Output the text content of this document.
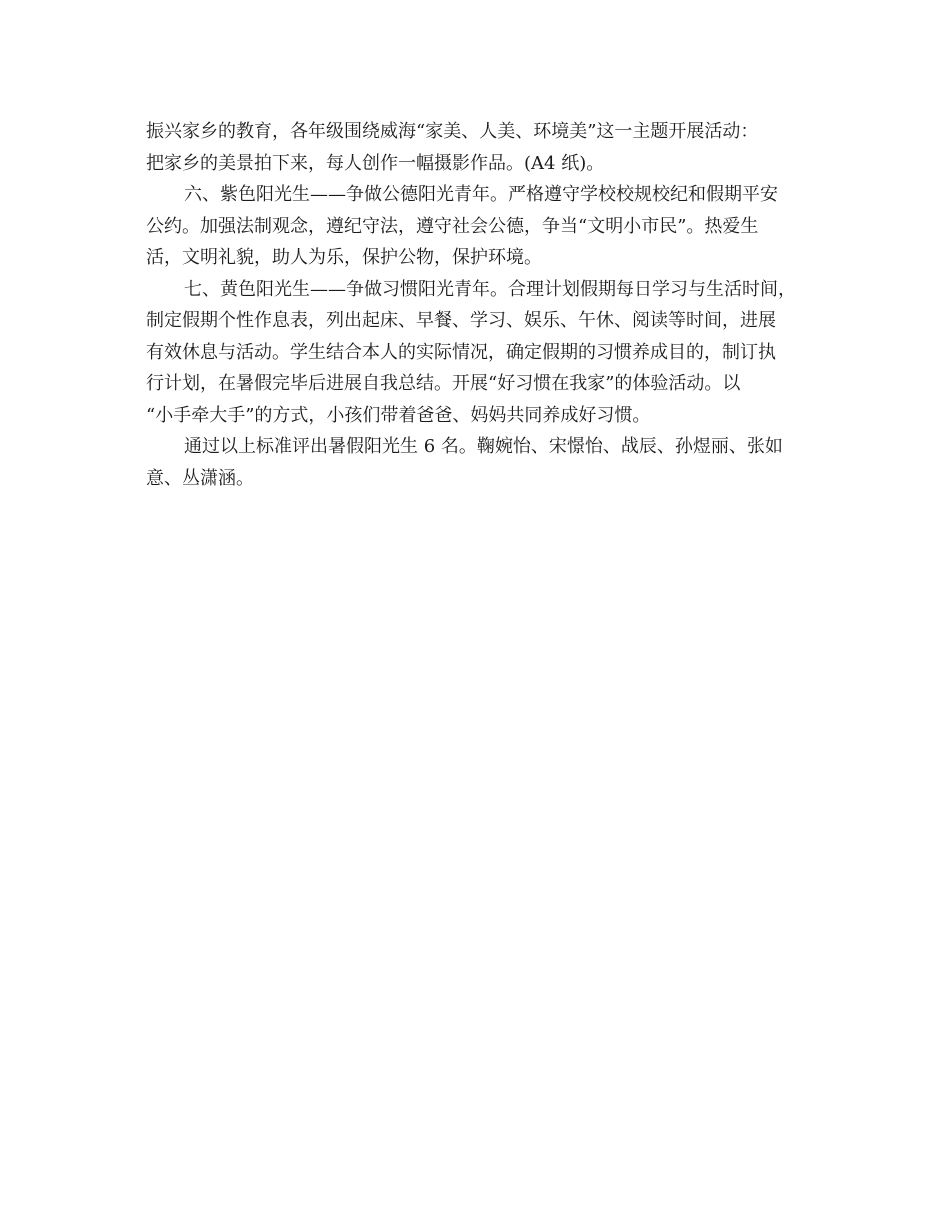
振兴家乡的教育，各年级围绕威海“家美、人美、环境美”这一主题开展活动：
把家乡的美景拍下来，每人创作一幅摄影作品。(A4 纸)。
六、紫色阳光生——争做公德阳光青年。严格遵守学校校规校纪和假期平安
公约。加强法制观念，遵纪守法，遵守社会公德，争当“文明小市民”。热爱生
活，文明礼貌，助人为乐，保护公物，保护环境。
七、黄色阳光生——争做习惯阳光青年。合理计划假期每日学习与生活时间，
制定假期个性作息表，列出起床、早餐、学习、娱乐、午休、阅读等时间，进展
有效休息与活动。学生结合本人的实际情况，确定假期的习惯养成目的，制订执
行计划，在暑假完毕后进展自我总结。开展“好习惯在我家”的体验活动。以
“小手牵大手”的方式，小孩们带着爸爸、妈妈共同养成好习惯。
通过以上标准评出暑假阳光生 6 名。鞠婉怡、宋憬怡、战辰、孙煜丽、张如
意、丛潇涵。
